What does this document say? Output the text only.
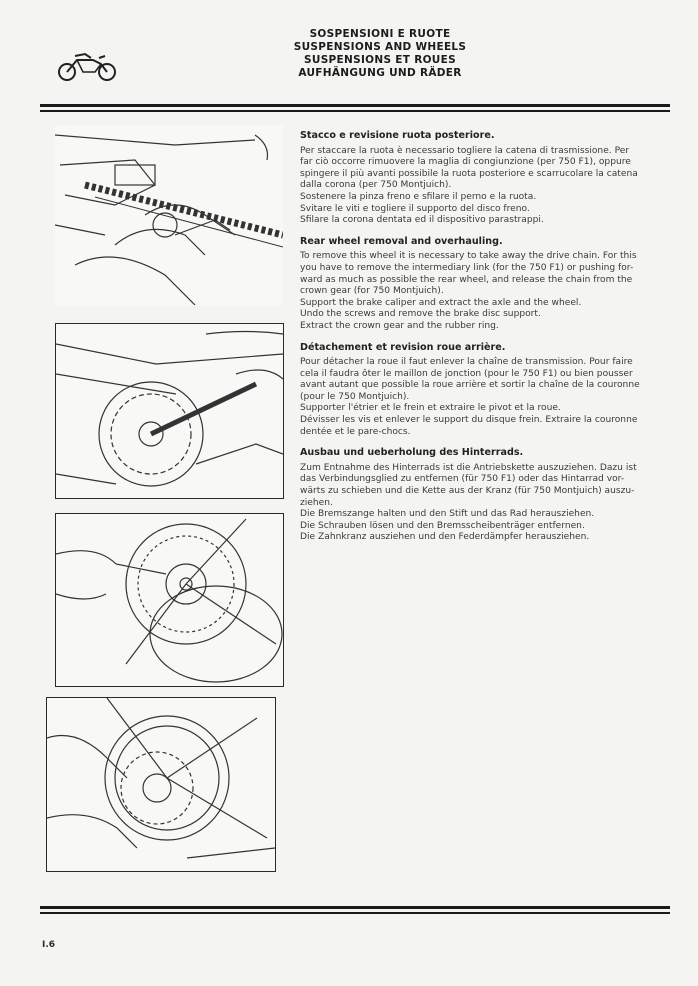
SOSPENSIONI E RUOTE
SUSPENSIONS AND WHEELS
SUSPENSIONS ET ROUES
AUFHÄNGUNG UND RÄDER
Stacco e revisione ruota posteriore.
Per staccare la ruota è necessario togliere la catena di trasmissione. Per
far ciò occorre rimuovere la maglia di congiunzione (per 750 F1), oppure
spingere il più avanti possibile la ruota posteriore e scarrucolare la catena
dalla corona (per 750 Montjuich).
Sostenere la pinza freno e sfilare il perno e la ruota.
Svitare le viti e togliere il supporto del disco freno.
Sfilare la corona dentata ed il dispositivo parastrappi.
Rear wheel removal and overhauling.
To remove this wheel it is necessary to take away the drive chain. For this
you have to remove the intermediary link (for the 750 F1) or pushing for-
ward as much as possible the rear wheel, and release the chain from the
crown gear (for 750 Montjuich).
Support the brake caliper and extract the axle and the wheel.
Undo the screws and remove the brake disc support.
Extract the crown gear and the rubber ring.
Détachement et revision roue arrière.
Pour détacher la roue il faut enlever la chaîne de transmission. Pour faire
cela il faudra ôter le maillon de jonction (pour le 750 F1) ou bien pousser
avant autant que possible la roue arrière et sortir la chaîne de la couronne
(pour le 750 Montjuich).
Supporter l'étrier et le frein et extraire le pivot et la roue.
Dévisser les vis et enlever le support du disque frein. Extraire la couronne
dentée et le pare-chocs.
Ausbau und ueberholung des Hinterrads.
Zum Entnahme des Hinterrads ist die Antriebskette auszuziehen. Dazu ist
das Verbindungsglied zu entfernen (für 750 F1) oder das Hintarrad vor-
wärts zu schieben und die Kette aus der Kranz (für 750 Montjuich) auszu-
ziehen.
Die Bremszange halten und den Stift und das Rad herausziehen.
Die Schrauben lösen und den Bremsscheibenträger entfernen.
Die Zahnkranz ausziehen und den Federdämpfer herausziehen.
I.6
